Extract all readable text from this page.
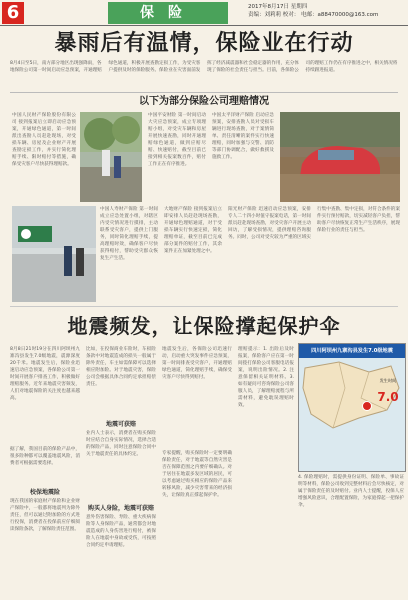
6	保险	2017年8月17日 星期四
责编：刘莉莉 校对： 电邮：a88470000@163.com
暴雨后有温情，保险业在行动
8月4日至5日，南方部分地区出现强降雨，各地保险公司第一时间启动应急预案，开通理赔绿色通道，积极开展查勘定损工作，为受灾客户提供及时的保险服务。保险业在灾害面前发挥了经济减震器和社会稳定器的作用，充分体现了保险的社会责任与担当。目前，各保险公司的理赔工作仍在有序推进之中，相关情况将持续跟进报道。
以下为部分保险公司理赔情况
中国人民财产保险股份有限公司 接到报案后立即启动应急预案，开通绿色通道，第一时间派出查勘人员赶赴现场，对受损车辆、房屋及企业财产开展查勘定损工作，并实行简化理赔手续、限时赔付等措施，确保受灾客户尽快获得理赔款。
中国平安财险 第一时间启动大灾应急预案，成立专项理赔小组，对受灾车辆和房屋开展快速查勘，同时开通理赔绿色通道，做到应赔尽赔、快速赔付，截至目前已接到相关报案数百件，赔付工作正在有序推进。
中国太平洋财产保险 启动应急预案，安排查勘人员对受损车辆进行现场查勘，对于案情简单、责任清晰的案件实行快速理赔，同时加强与交警、消防等部门协调配合，做好救援及施救工作。
中国人寿财产保险 第一时间成立应急处置小组，对辖区内受灾情况进行摸排，主动联系受灾客户，提供上门服务，同时简化理赔手续，提高理赔时效，确保客户尽快获得赔付，帮助受灾群众恢复生产生活。
大地财产保险 接到报案后立即安排人员赶赴现场查勘，开通绿色理赔通道，对于受损车辆实行快速定损，简化理赔单证，截至目前已完成部分案件的赔付工作，其余案件正在加紧处理之中。
阳光财产保险 迅速启动应急预案，安排专人二十四小时值守报案电话，第一时间派员赶赴现场查勘，对受灾客户开展主动回访，了解受损情况，提供理赔咨询服务。同时，公司对受灾较为严重的区域实行集中查勘、集中定损，对符合条件的案件实行预付赔款，切实减轻客户负担，帮助客户尽快恢复正常生产生活秩序，展现保险行业的责任与担当。
地震频发，让保险撑起保护伞
8月8日21时19分在四川阿坝州九寨沟县发生7.0级地震，震源深度20千米。地震发生后，保险业迅速启动应急预案，各保险公司第一时间开展客户排查工作，积极做好理赔服务。近年来地震灾害频发，人们对地震保险的关注度也越来越高。
据了解，我国目前的保险产品中，很多险种都可以覆盖地震风险，消费者可根据需要选择。
校保地震险
现在我国的家庭财产保险和企业财产保险中，一般都将地震列为除外责任，但可以通过附加险的方式进行投保，消费者在投保前应仔细阅读保险条款，了解保险责任范围。
比如，在投保商业车险时，车损险条款中对地震造成的损失一般属于除外责任，车主如需保障可以选择相应附加险。对于地震灾害，保险公司会根据具体合同约定承担赔偿责任。
地震可获赔
业内人士表示，消费者在购买保险时应结合自身实际情况，选择合适的保险产品，同时注意保险合同中关于地震责任的具体约定。
购买人身险，地震可获赔
意外伤害保险、寿险、重大疾病保险等人身保险产品，通常都会对地震造成的人身伤害进行赔付，被保险人在地震中身故或受伤，可按照合同约定申请理赔。
地震发生后，各保险公司迅速行动，启动重大突发事件应急预案，第一时间排查受灾客户，开通理赔绿色通道，简化理赔手续，确保受灾客户尽快得到赔付。
专家提醒，购买保险时一定要明确保险责任，对于地震等自然灾害是否在保障范围之内要仔细确认。对于居住在地震多发区域的居民，可以考虑通过购买相应的保险产品来转移风险，减少灾害带来的经济损失，让保险真正撑起保护伞。
理赔提示：1. 出险后及时报案，保险客户应在第一时间拨打保险公司客服电话报案，说明出险情况。2. 注意保留相关证明材料。3. 如有疑问可咨询保险公司客服人员，了解理赔流程与所需材料，避免耽误理赔时效。
四川阿坝州九寨沟县发生7.0级地震
发生时间
7.0
4. 保险理赔时，需提供身份证明、保险单、事故证明等材料，保险公司收到完整材料后会尽快核定，对属于保险责任的及时赔付。业内人士提醒，投保人应增强风险意识，合理配置保险，为家庭撑起一把保护伞。
